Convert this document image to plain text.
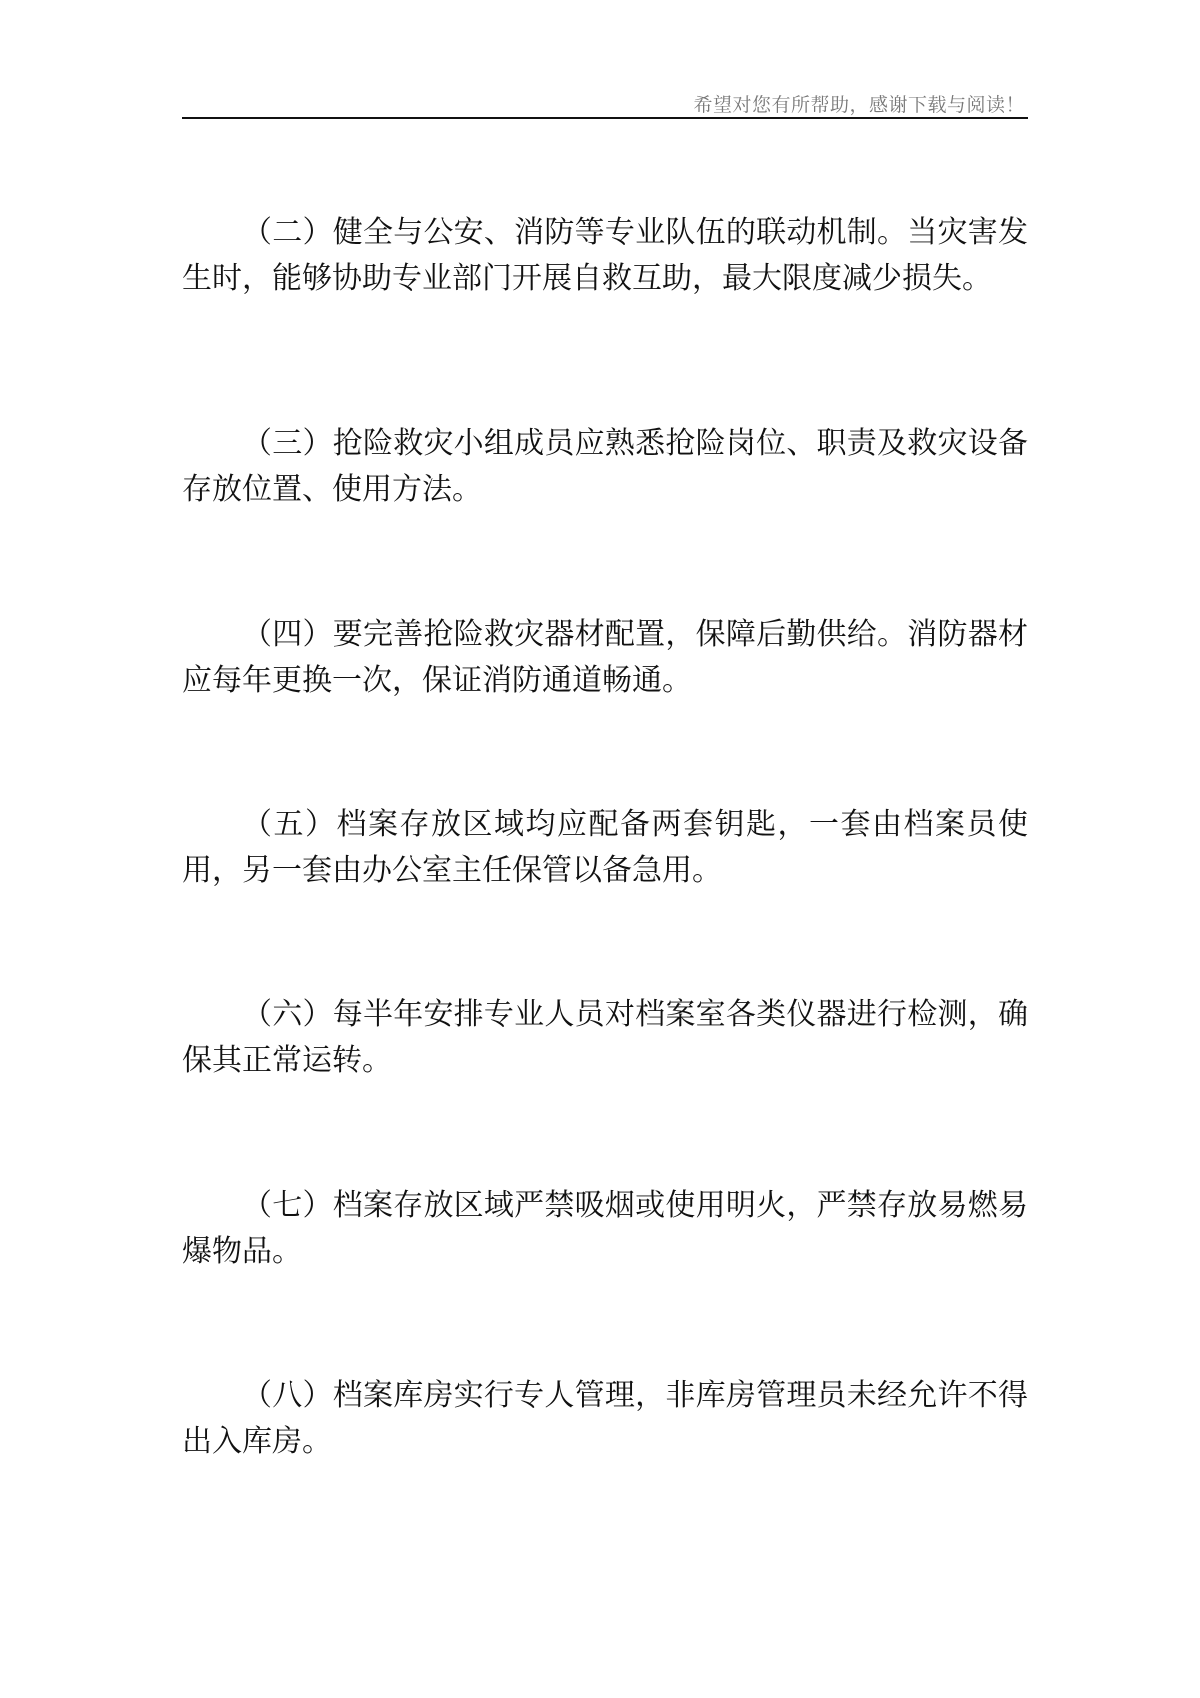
希望对您有所帮助，感谢下载与阅读！

（二）健全与公安、消防等专业队伍的联动机制。当灾害发生时，能够协助专业部门开展自救互助，最大限度减少损失。

（三）抢险救灾小组成员应熟悉抢险岗位、职责及救灾设备存放位置、使用方法。

（四）要完善抢险救灾器材配置，保障后勤供给。消防器材应每年更换一次，保证消防通道畅通。

（五）档案存放区域均应配备两套钥匙，一套由档案员使用，另一套由办公室主任保管以备急用。

（六）每半年安排专业人员对档案室各类仪器进行检测，确保其正常运转。

（七）档案存放区域严禁吸烟或使用明火，严禁存放易燃易爆物品。

（八）档案库房实行专人管理，非库房管理员未经允许不得出入库房。
